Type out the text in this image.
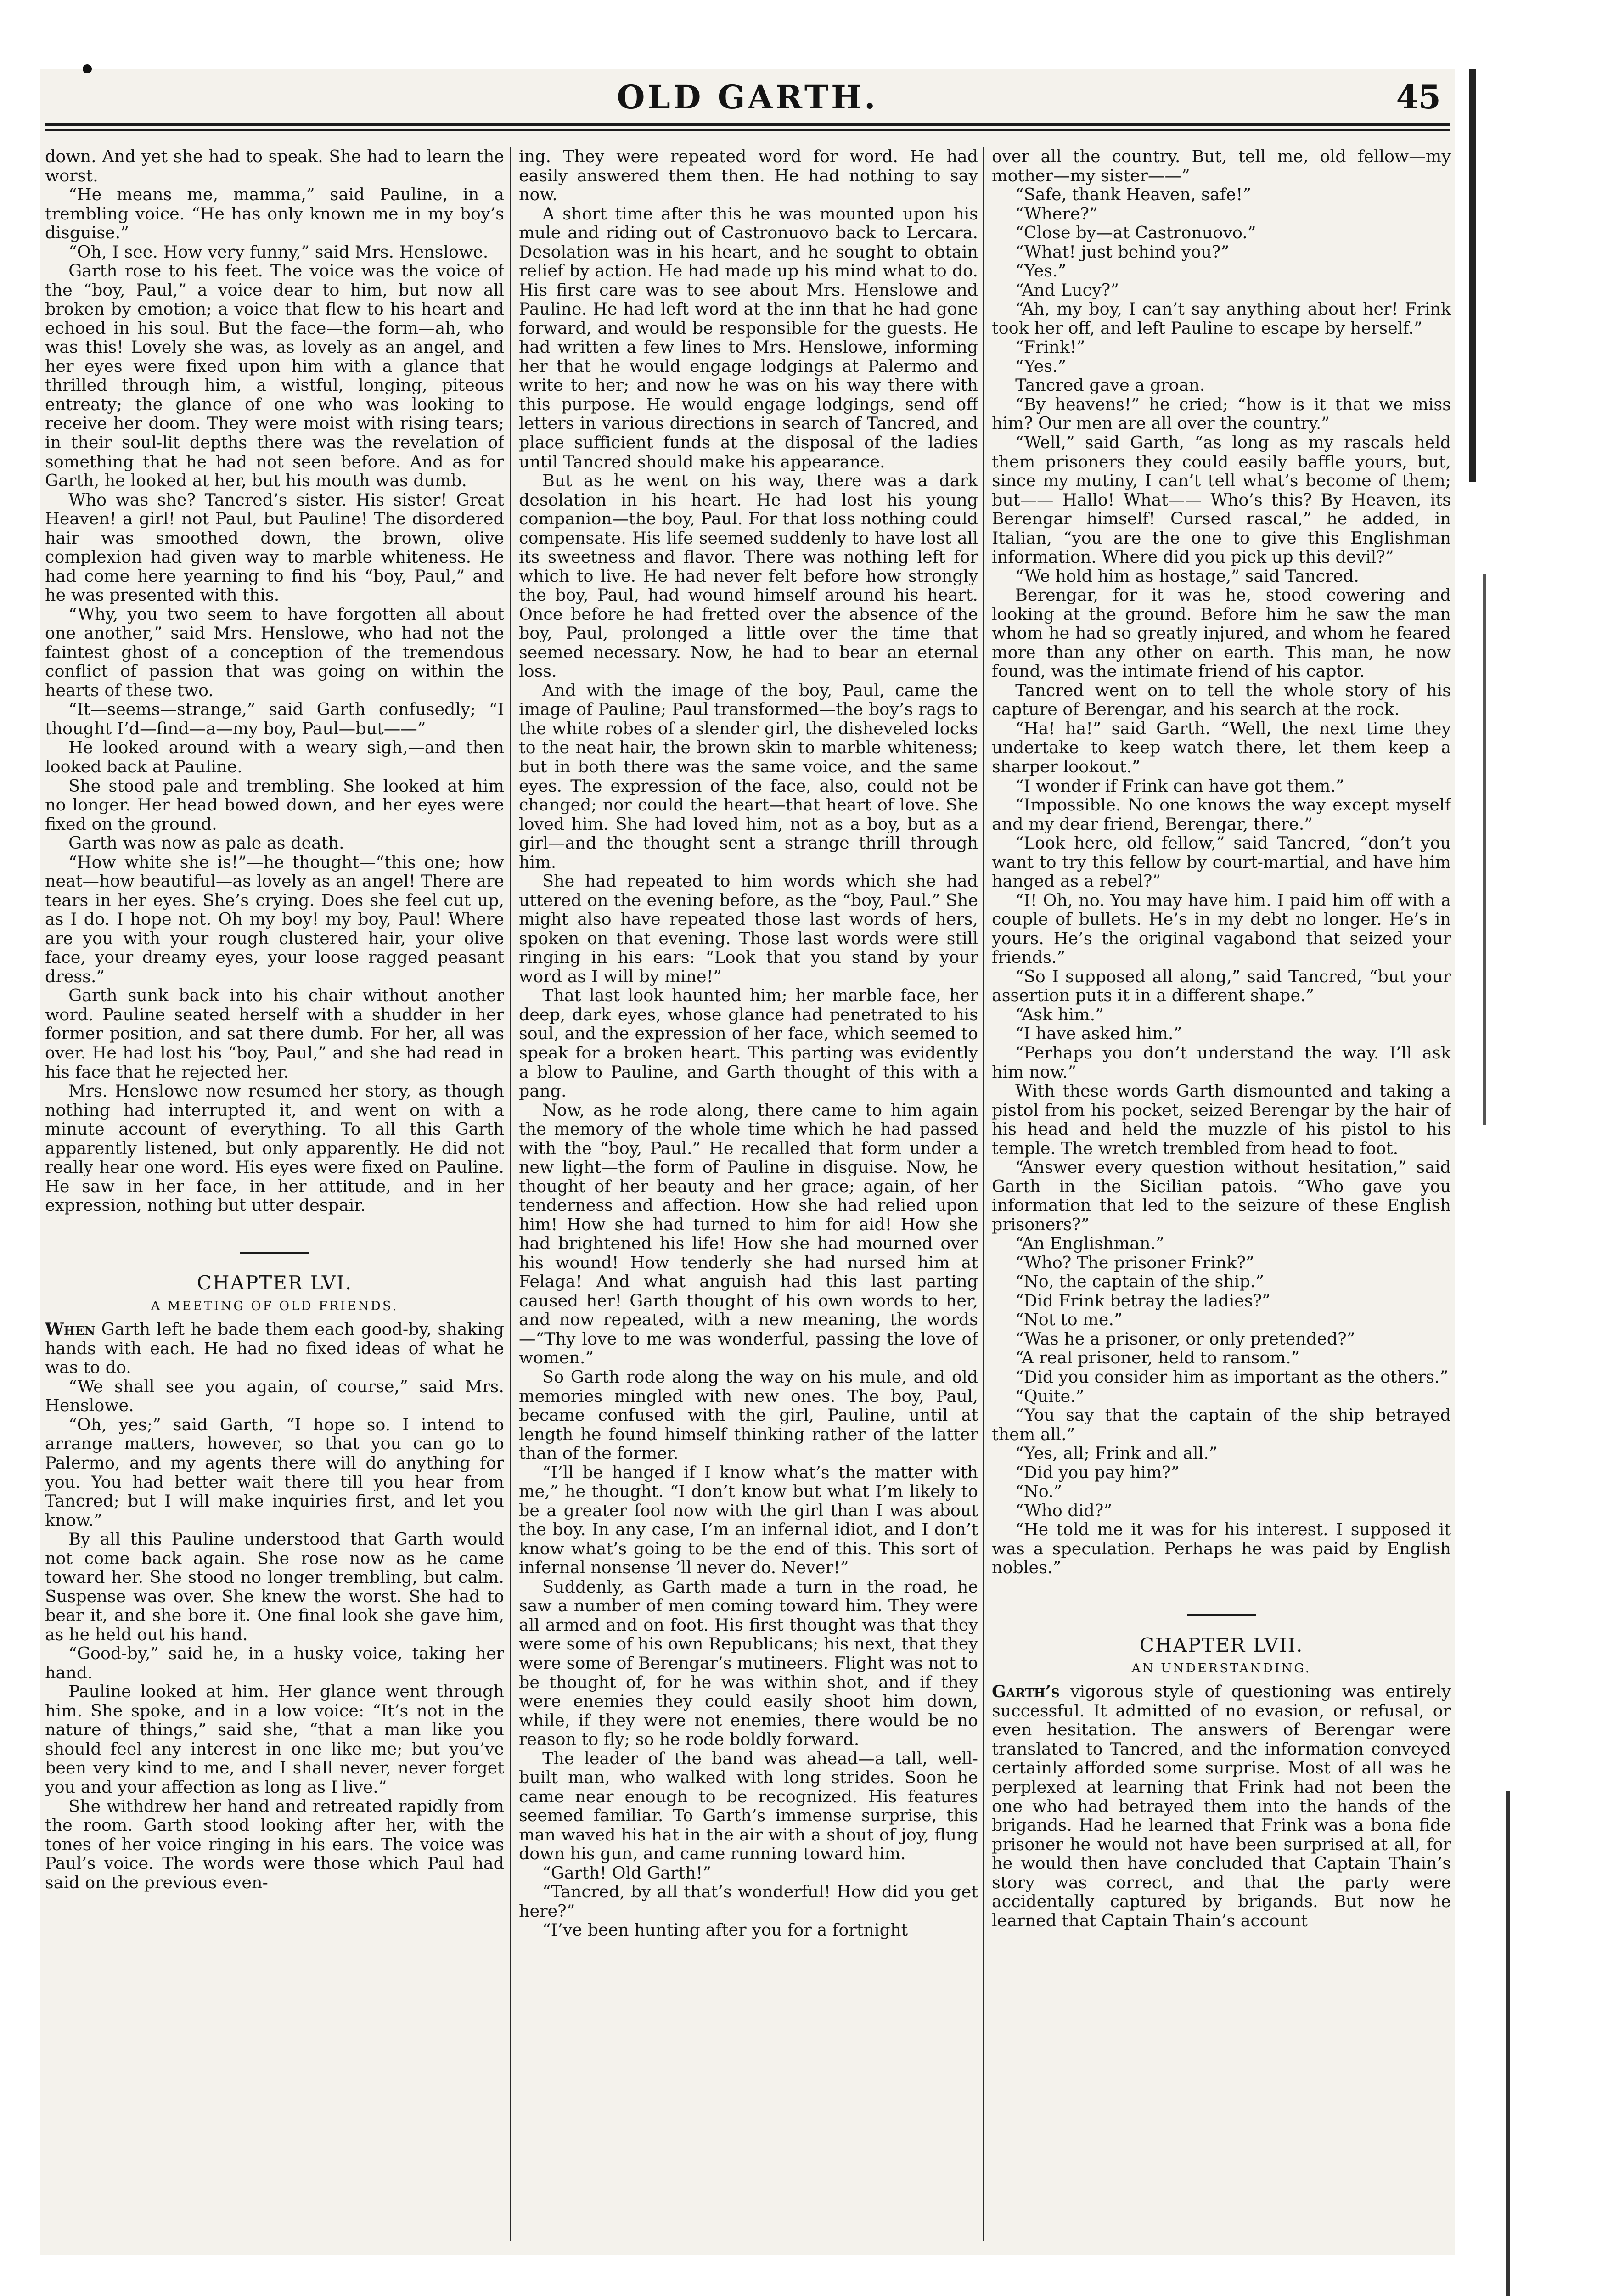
OLD GARTH.	45

down. And yet she had to speak. She had to learn the worst.

“He means me, mamma,” said Pauline, in a trembling voice. “He has only known me in my boy’s disguise.”

“Oh, I see. How very funny,” said Mrs. Henslowe.

Garth rose to his feet. The voice was the voice of the “boy, Paul,” a voice dear to him, but now all broken by emotion; a voice that flew to his heart and echoed in his soul. But the face—the form—ah, who was this! Lovely she was, as lovely as an angel, and her eyes were fixed upon him with a glance that thrilled through him, a wistful, longing, piteous entreaty; the glance of one who was looking to receive her doom. They were moist with rising tears; in their soul-lit depths there was the revelation of something that he had not seen before. And as for Garth, he looked at her, but his mouth was dumb.

Who was she? Tancred’s sister. His sister! Great Heaven! a girl! not Paul, but Pauline! The disordered hair was smoothed down, the brown, olive complexion had given way to marble whiteness. He had come here yearning to find his “boy, Paul,” and he was presented with this.

“Why, you two seem to have forgotten all about one another,” said Mrs. Henslowe, who had not the faintest ghost of a conception of the tremendous conflict of passion that was going on within the hearts of these two.

“It—seems—strange,” said Garth confusedly; “I thought I’d—find—a—my boy, Paul—but——”

He looked around with a weary sigh,—and then looked back at Pauline.

She stood pale and trembling. She looked at him no longer. Her head bowed down, and her eyes were fixed on the ground.

Garth was now as pale as death.

“How white she is!”—he thought—“this one; how neat—how beautiful—as lovely as an angel! There are tears in her eyes. She’s crying. Does she feel cut up, as I do. I hope not. Oh my boy! my boy, Paul! Where are you with your rough clustered hair, your olive face, your dreamy eyes, your loose ragged peasant dress.”

Garth sunk back into his chair without another word. Pauline seated herself with a shudder in her former position, and sat there dumb. For her, all was over. He had lost his “boy, Paul,” and she had read in his face that he rejected her.

Mrs. Henslowe now resumed her story, as though nothing had interrupted it, and went on with a minute account of everything. To all this Garth apparently listened, but only apparently. He did not really hear one word. His eyes were fixed on Pauline. He saw in her face, in her attitude, and in her expression, nothing but utter despair.

CHAPTER LVI.
A MEETING OF OLD FRIENDS.

When Garth left he bade them each good-by, shaking hands with each. He had no fixed ideas of what he was to do.

“We shall see you again, of course,” said Mrs. Henslowe.

“Oh, yes;” said Garth, “I hope so. I intend to arrange matters, however, so that you can go to Palermo, and my agents there will do anything for you. You had better wait there till you hear from Tancred; but I will make inquiries first, and let you know.”

By all this Pauline understood that Garth would not come back again. She rose now as he came toward her. She stood no longer trembling, but calm. Suspense was over. She knew the worst. She had to bear it, and she bore it. One final look she gave him, as he held out his hand.

“Good-by,” said he, in a husky voice, taking her hand.

Pauline looked at him. Her glance went through him. She spoke, and in a low voice: “It’s not in the nature of things,” said she, “that a man like you should feel any interest in one like me; but you’ve been very kind to me, and I shall never, never forget you and your affection as long as I live.”

She withdrew her hand and retreated rapidly from the room. Garth stood looking after her, with the tones of her voice ringing in his ears. The voice was Paul’s voice. The words were those which Paul had said on the previous even-

ing. They were repeated word for word. He had easily answered them then. He had nothing to say now.

A short time after this he was mounted upon his mule and riding out of Castronuovo back to Lercara. Desolation was in his heart, and he sought to obtain relief by action. He had made up his mind what to do. His first care was to see about Mrs. Henslowe and Pauline. He had left word at the inn that he had gone forward, and would be responsible for the guests. He had written a few lines to Mrs. Henslowe, informing her that he would engage lodgings at Palermo and write to her; and now he was on his way there with this purpose. He would engage lodgings, send off letters in various directions in search of Tancred, and place sufficient funds at the disposal of the ladies until Tancred should make his appearance.

But as he went on his way, there was a dark desolation in his heart. He had lost his young companion—the boy, Paul. For that loss nothing could compensate. His life seemed suddenly to have lost all its sweetness and flavor. There was nothing left for which to live. He had never felt before how strongly the boy, Paul, had wound himself around his heart. Once before he had fretted over the absence of the boy, Paul, prolonged a little over the time that seemed necessary. Now, he had to bear an eternal loss.

And with the image of the boy, Paul, came the image of Pauline; Paul transformed—the boy’s rags to the white robes of a slender girl, the disheveled locks to the neat hair, the brown skin to marble whiteness; but in both there was the same voice, and the same eyes. The expression of the face, also, could not be changed; nor could the heart—that heart of love. She loved him. She had loved him, not as a boy, but as a girl—and the thought sent a strange thrill through him.

She had repeated to him words which she had uttered on the evening before, as the “boy, Paul.” She might also have repeated those last words of hers, spoken on that evening. Those last words were still ringing in his ears: “Look that you stand by your word as I will by mine!”

That last look haunted him; her marble face, her deep, dark eyes, whose glance had penetrated to his soul, and the expression of her face, which seemed to speak for a broken heart. This parting was evidently a blow to Pauline, and Garth thought of this with a pang.

Now, as he rode along, there came to him again the memory of the whole time which he had passed with the “boy, Paul.” He recalled that form under a new light—the form of Pauline in disguise. Now, he thought of her beauty and her grace; again, of her tenderness and affection. How she had relied upon him! How she had turned to him for aid! How she had brightened his life! How she had mourned over his wound! How tenderly she had nursed him at Felaga! And what anguish had this last parting caused her! Garth thought of his own words to her, and now repeated, with a new meaning, the words—“Thy love to me was wonderful, passing the love of women.”

So Garth rode along the way on his mule, and old memories mingled with new ones. The boy, Paul, became confused with the girl, Pauline, until at length he found himself thinking rather of the latter than of the former.

“I’ll be hanged if I know what’s the matter with me,” he thought. “I don’t know but what I’m likely to be a greater fool now with the girl than I was about the boy. In any case, I’m an infernal idiot, and I don’t know what’s going to be the end of this. This sort of infernal nonsense ’ll never do. Never!”

Suddenly, as Garth made a turn in the road, he saw a number of men coming toward him. They were all armed and on foot. His first thought was that they were some of his own Republicans; his next, that they were some of Berengar’s mutineers. Flight was not to be thought of, for he was within shot, and if they were enemies they could easily shoot him down, while, if they were not enemies, there would be no reason to fly; so he rode boldly forward.

The leader of the band was ahead—a tall, well-built man, who walked with long strides. Soon he came near enough to be recognized. His features seemed familiar. To Garth’s immense surprise, this man waved his hat in the air with a shout of joy, flung down his gun, and came running toward him.

“Garth! Old Garth!”

“Tancred, by all that’s wonderful! How did you get here?”

“I’ve been hunting after you for a fortnight

over all the country. But, tell me, old fellow—my mother—my sister——”

“Safe, thank Heaven, safe!”

“Where?”

“Close by—at Castronuovo.”

“What! just behind you?”

“Yes.”

“And Lucy?”

“Ah, my boy, I can’t say anything about her! Frink took her off, and left Pauline to escape by herself.”

“Frink!”

“Yes.”

Tancred gave a groan.

“By heavens!” he cried; “how is it that we miss him? Our men are all over the country.”

“Well,” said Garth, “as long as my rascals held them prisoners they could easily baffle yours, but, since my mutiny, I can’t tell what’s become of them; but—— Hallo! What—— Who’s this? By Heaven, its Berengar himself! Cursed rascal,” he added, in Italian, “you are the one to give this Englishman information. Where did you pick up this devil?”

“We hold him as hostage,” said Tancred.

Berengar, for it was he, stood cowering and looking at the ground. Before him he saw the man whom he had so greatly injured, and whom he feared more than any other on earth. This man, he now found, was the intimate friend of his captor.

Tancred went on to tell the whole story of his capture of Berengar, and his search at the rock.

“Ha! ha!” said Garth. “Well, the next time they undertake to keep watch there, let them keep a sharper lookout.”

“I wonder if Frink can have got them.”

“Impossible. No one knows the way except myself and my dear friend, Berengar, there.”

“Look here, old fellow,” said Tancred, “don’t you want to try this fellow by court-martial, and have him hanged as a rebel?”

“I! Oh, no. You may have him. I paid him off with a couple of bullets. He’s in my debt no longer. He’s in yours. He’s the original vagabond that seized your friends.”

“So I supposed all along,” said Tancred, “but your assertion puts it in a different shape.”

“Ask him.”

“I have asked him.”

“Perhaps you don’t understand the way. I’ll ask him now.”

With these words Garth dismounted and taking a pistol from his pocket, seized Berengar by the hair of his head and held the muzzle of his pistol to his temple. The wretch trembled from head to foot.

“Answer every question without hesitation,” said Garth in the Sicilian patois. “Who gave you information that led to the seizure of these English prisoners?”

“An Englishman.”

“Who? The prisoner Frink?”

“No, the captain of the ship.”

“Did Frink betray the ladies?”

“Not to me.”

“Was he a prisoner, or only pretended?”

“A real prisoner, held to ransom.”

“Did you consider him as important as the others.”

“Quite.”

“You say that the captain of the ship betrayed them all.”

“Yes, all; Frink and all.”

“Did you pay him?”

“No.”

“Who did?”

“He told me it was for his interest. I supposed it was a speculation. Perhaps he was paid by English nobles.”

CHAPTER LVII.
AN UNDERSTANDING.

Garth’s vigorous style of questioning was entirely successful. It admitted of no evasion, or refusal, or even hesitation. The answers of Berengar were translated to Tancred, and the information conveyed certainly afforded some surprise. Most of all was he perplexed at learning that Frink had not been the one who had betrayed them into the hands of the brigands. Had he learned that Frink was a bona fide prisoner he would not have been surprised at all, for he would then have concluded that Captain Thain’s story was correct, and that the party were accidentally captured by brigands. But now he learned that Captain Thain’s account
